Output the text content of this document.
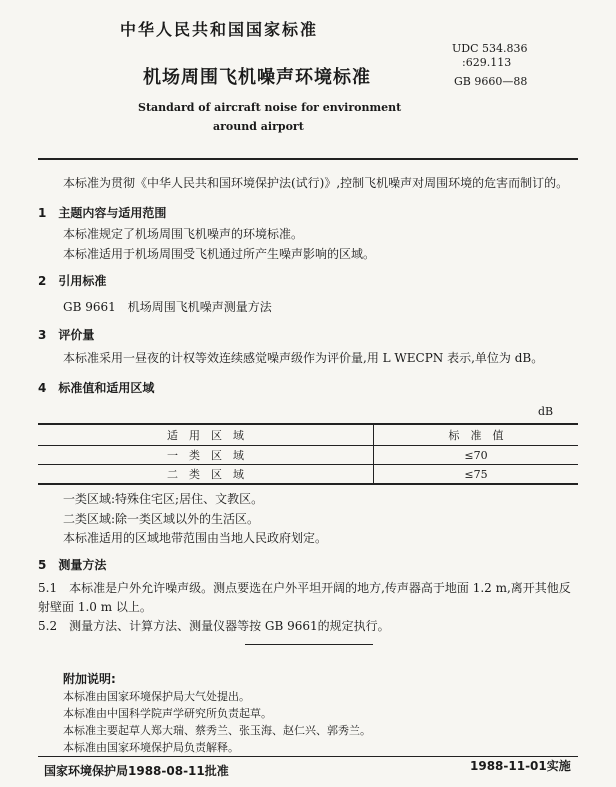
中华人民共和国国家标准
UDC 534.836
:629.113
GB 9660—88
机场周围飞机噪声环境标准
Standard of aircraft noise for environment
around airport
本标准为贯彻《中华人民共和国环境保护法(试行)》,控制飞机噪声对周围环境的危害而制订的。
1　主题内容与适用范围
本标准规定了机场周围飞机噪声的环境标准。
本标准适用于机场周围受飞机通过所产生噪声影响的区域。
2　引用标准
GB 9661　机场周围飞机噪声测量方法
3　评价量
本标准采用一昼夜的计权等效连续感觉噪声级作为评价量,用 L WECPN 表示,单位为 dB。
4　标准值和适用区域
dB
适　用　区　域	标　准　值
一　类　区　域	≤70
二　类　区　域	≤75
一类区域:特殊住宅区;居住、文教区。
二类区域:除一类区域以外的生活区。
本标准适用的区域地带范围由当地人民政府划定。
5　测量方法
5.1　本标准是户外允许噪声级。测点要选在户外平坦开阔的地方,传声器高于地面 1.2 m,离开其他反
射壁面 1.0 m 以上。
5.2　测量方法、计算方法、测量仪器等按 GB 9661的规定执行。
附加说明:
本标准由国家环境保护局大气处提出。
本标准由中国科学院声学研究所负责起草。
本标准主要起草人郑大瑞、蔡秀兰、张玉海、赵仁兴、郭秀兰。
本标准由国家环境保护局负责解释。
国家环境保护局1988-08-11批准	1988-11-01实施
